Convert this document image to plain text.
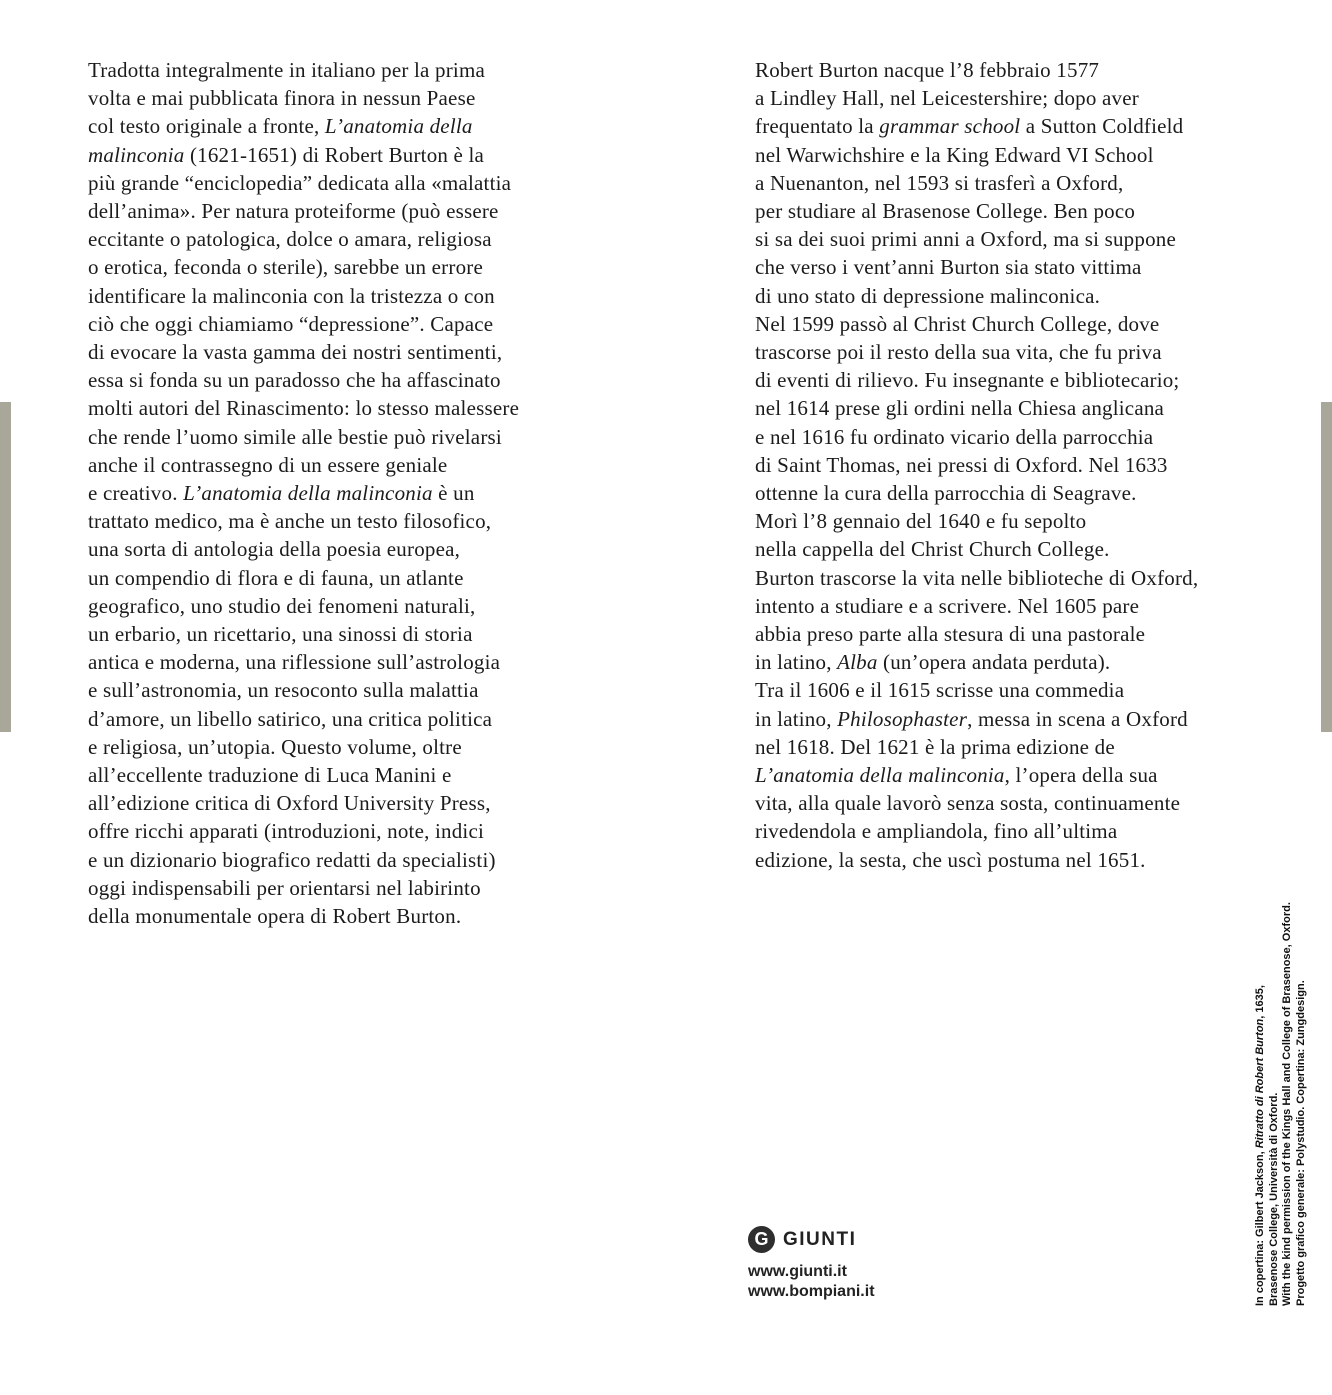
Tradotta integralmente in italiano per la prima
volta e mai pubblicata finora in nessun Paese
col testo originale a fronte, L’anatomia della
malinconia (1621-1651) di Robert Burton è la
più grande “enciclopedia” dedicata alla «malattia
dell’anima». Per natura proteiforme (può essere
eccitante o patologica, dolce o amara, religiosa
o erotica, feconda o sterile), sarebbe un errore
identificare la malinconia con la tristezza o con
ciò che oggi chiamiamo “depressione”. Capace
di evocare la vasta gamma dei nostri sentimenti,
essa si fonda su un paradosso che ha affascinato
molti autori del Rinascimento: lo stesso malessere
che rende l’uomo simile alle bestie può rivelarsi
anche il contrassegno di un essere geniale
e creativo. L’anatomia della malinconia è un
trattato medico, ma è anche un testo filosofico,
una sorta di antologia della poesia europea,
un compendio di flora e di fauna, un atlante
geografico, uno studio dei fenomeni naturali,
un erbario, un ricettario, una sinossi di storia
antica e moderna, una riflessione sull’astrologia
e sull’astronomia, un resoconto sulla malattia
d’amore, un libello satirico, una critica politica
e religiosa, un’utopia. Questo volume, oltre
all’eccellente traduzione di Luca Manini e
all’edizione critica di Oxford University Press,
offre ricchi apparati (introduzioni, note, indici
e un dizionario biografico redatti da specialisti)
oggi indispensabili per orientarsi nel labirinto
della monumentale opera di Robert Burton.
Robert Burton nacque l’8 febbraio 1577
a Lindley Hall, nel Leicestershire; dopo aver
frequentato la grammar school a Sutton Coldfield
nel Warwichshire e la King Edward VI School
a Nuenanton, nel 1593 si trasferì a Oxford,
per studiare al Brasenose College. Ben poco
si sa dei suoi primi anni a Oxford, ma si suppone
che verso i vent’anni Burton sia stato vittima
di uno stato di depressione malinconica.
Nel 1599 passò al Christ Church College, dove
trascorse poi il resto della sua vita, che fu priva
di eventi di rilievo. Fu insegnante e bibliotecario;
nel 1614 prese gli ordini nella Chiesa anglicana
e nel 1616 fu ordinato vicario della parrocchia
di Saint Thomas, nei pressi di Oxford. Nel 1633
ottenne la cura della parrocchia di Seagrave.
Morì l’8 gennaio del 1640 e fu sepolto
nella cappella del Christ Church College.
Burton trascorse la vita nelle biblioteche di Oxford,
intento a studiare e a scrivere. Nel 1605 pare
abbia preso parte alla stesura di una pastorale
in latino, Alba (un’opera andata perduta).
Tra il 1606 e il 1615 scrisse una commedia
in latino, Philosophaster, messa in scena a Oxford
nel 1618. Del 1621 è la prima edizione de
L’anatomia della malinconia, l’opera della sua
vita, alla quale lavorò senza sosta, continuamente
rivedendola e ampliandola, fino all’ultima
edizione, la sesta, che uscì postuma nel 1651.
G GIUNTI
www.giunti.it
www.bompiani.it	In copertina: Gilbert Jackson, Ritratto di Robert Burton, 1635,
Brasenose College, Università di Oxford. With the kind permission of the Kings Hall and College of Brasenose, Oxford. Progetto grafico generale: Polystudio. Copertina: Zungdesign.
